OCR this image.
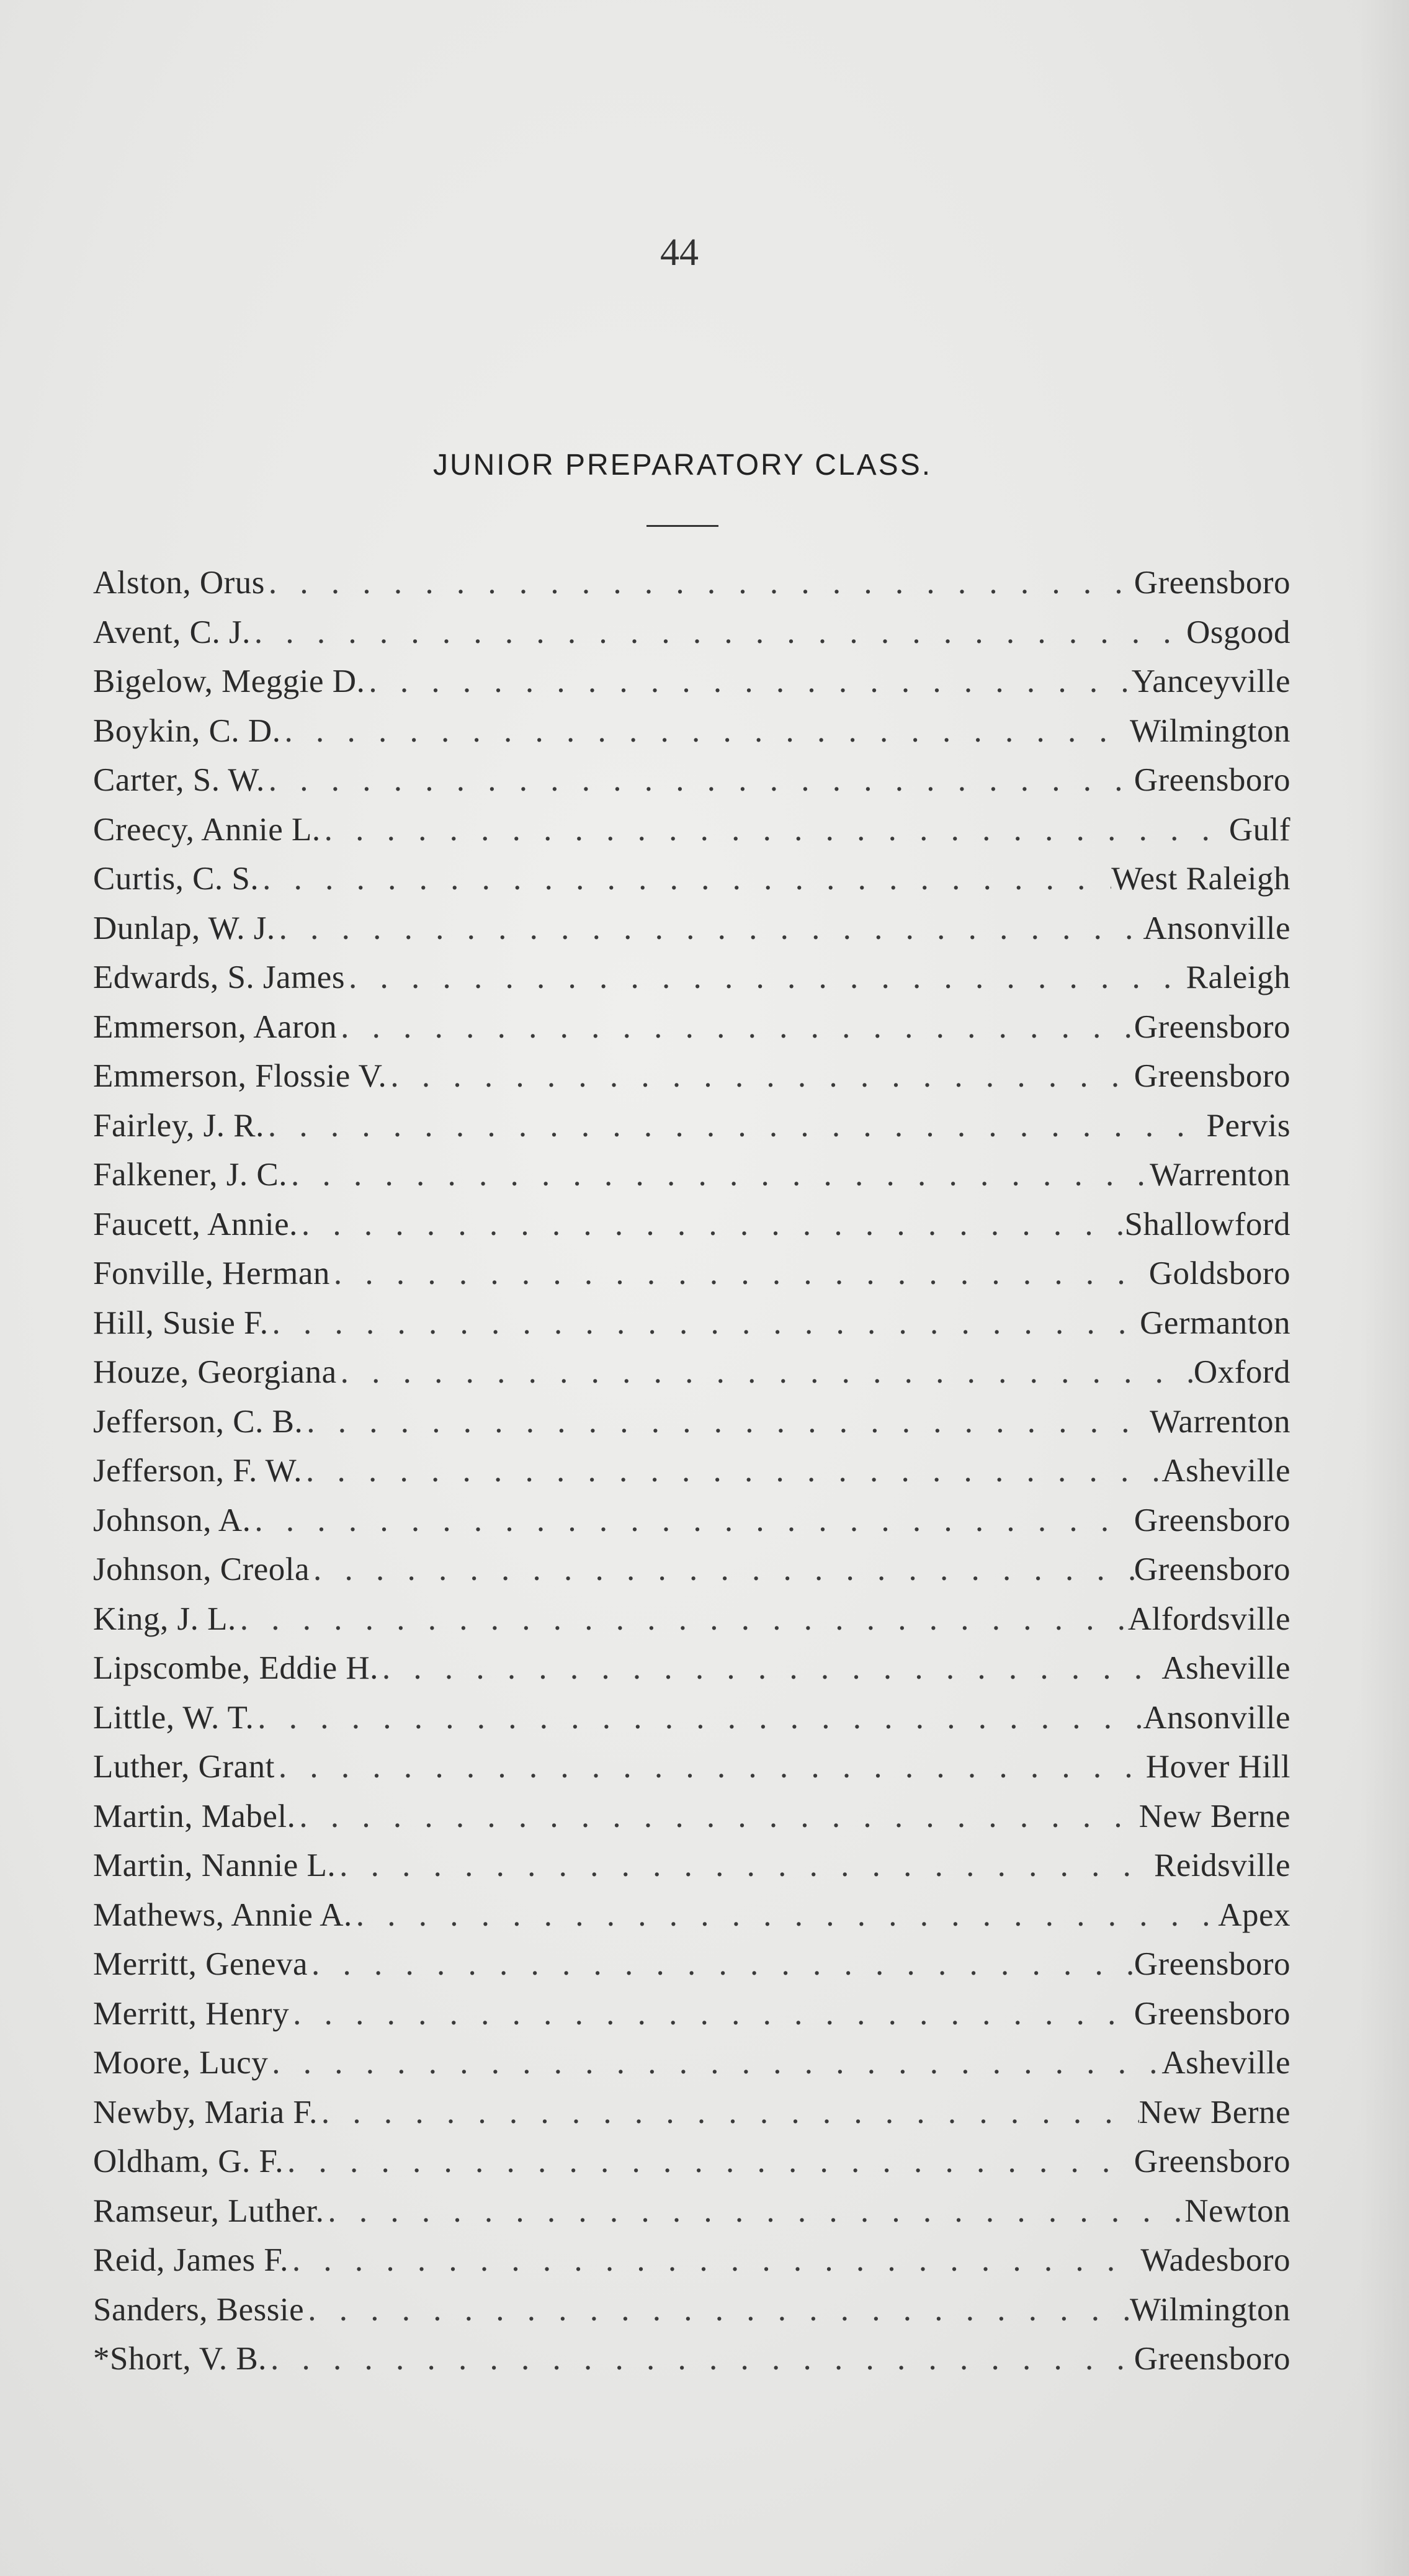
44
JUNIOR PREPARATORY CLASS.
Alston, Orus . . .	Greensboro
Avent, C. J. . . .	Osgood
Bigelow, Meggie D. . . .	Yanceyville
Boykin, C. D. . . .	Wilmington
Carter, S. W. . . .	Greensboro
Creecy, Annie L. . . .	Gulf
Curtis, C. S. . . .	West Raleigh
Dunlap, W. J. . . .	Ansonville
Edwards, S. James . . .	Raleigh
Emmerson, Aaron . . .	Greensboro
Emmerson, Flossie V. . . .	Greensboro
Fairley, J. R. . . .	Pervis
Falkener, J. C. . . .	Warrenton
Faucett, Annie. . . .	Shallowford
Fonville, Herman . . .	Goldsboro
Hill, Susie F. . . .	Germanton
Houze, Georgiana . . .	Oxford
Jefferson, C. B. . . .	Warrenton
Jefferson, F. W. . . .	Asheville
Johnson, A. . . .	Greensboro
Johnson, Creola . . .	Greensboro
King, J. L. . . .	Alfordsville
Lipscombe, Eddie H. . . .	Asheville
Little, W. T. . . .	Ansonville
Luther, Grant . . .	Hover Hill
Martin, Mabel. . . .	New Berne
Martin, Nannie L. . . .	Reidsville
Mathews, Annie A. . . .	Apex
Merritt, Geneva . . .	Greensboro
Merritt, Henry . . .	Greensboro
Moore, Lucy . . .	Asheville
Newby, Maria F. . . .	New Berne
Oldham, G. F. . . .	Greensboro
Ramseur, Luther. . . .	Newton
Reid, James F. . . .	Wadesboro
Sanders, Bessie . . .	Wilmington
*Short, V. B. . . .	Greensboro
